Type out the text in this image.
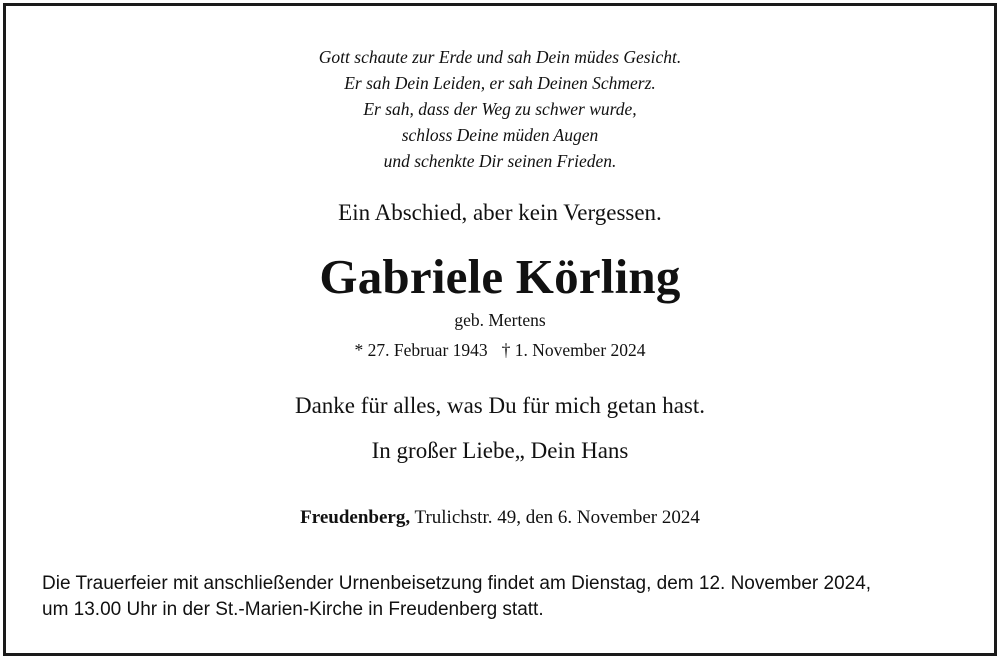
Gott schaute zur Erde und sah Dein müdes Gesicht.
Er sah Dein Leiden, er sah Deinen Schmerz.
Er sah, dass der Weg zu schwer wurde,
schloss Deine müden Augen
und schenkte Dir seinen Frieden.
Ein Abschied, aber kein Vergessen.
Gabriele Körling
geb. Mertens
* 27. Februar 1943 † 1. November 2024
Danke für alles, was Du für mich getan hast.
In großer Liebe„ Dein Hans
Freudenberg, Trulichstr. 49, den 6. November 2024
Die Trauerfeier mit anschließender Urnenbeisetzung findet am Dienstag, dem 12. November 2024,
um 13.00 Uhr in der St.-Marien-Kirche in Freudenberg statt.
